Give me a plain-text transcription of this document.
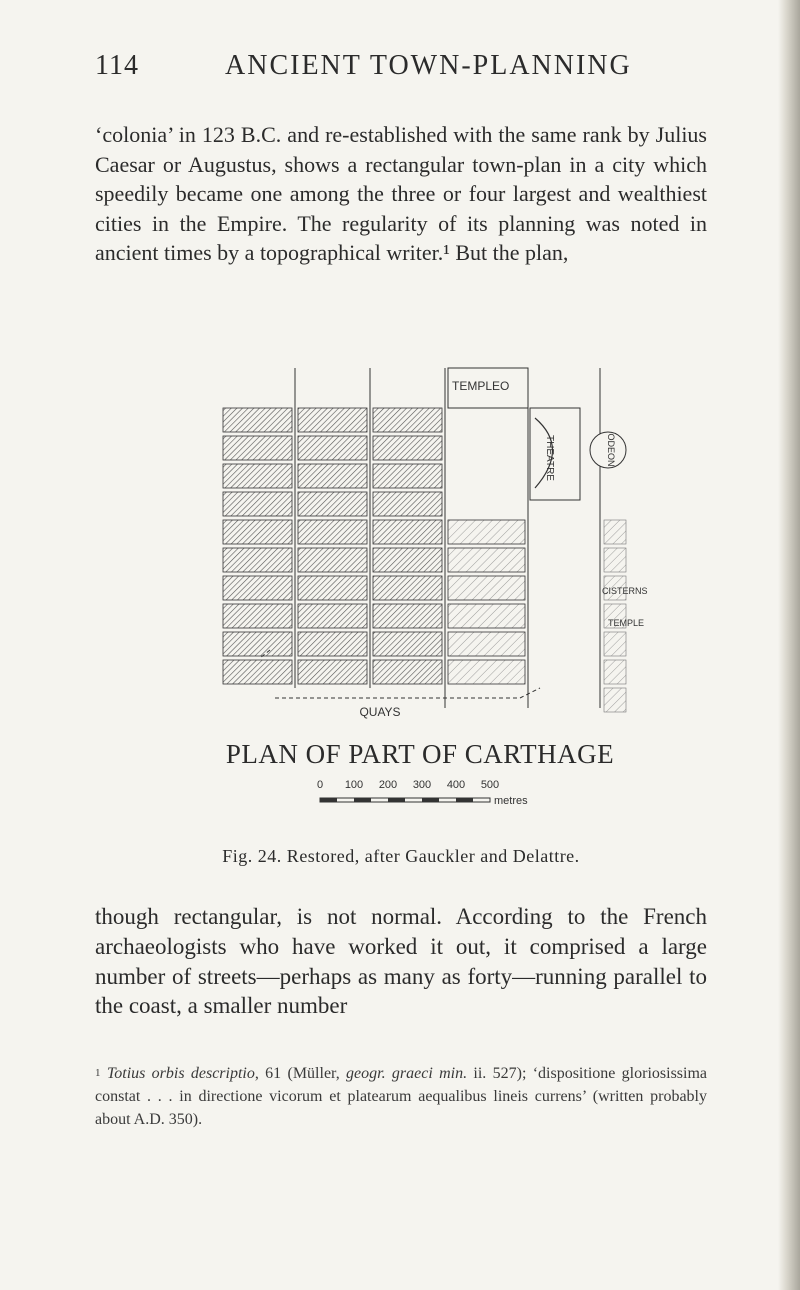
114	ANCIENT TOWN-PLANNING

‘colonia’ in 123 B.C. and re-established with the same rank by Julius Caesar or Augustus, shows a rectangular town-plan in a city which speedily became one among the three or four largest and wealthiest cities in the Empire. The regularity of its planning was noted in ancient times by a topographical writer.¹ But the plan,

THEATRE	ODEON
TEMPLEO
CISTERNS
TEMPLE
QUAYS
PLAN OF PART OF CARTHAGE
0 100 200 300 400 500
metres

Fig. 24. Restored, after Gauckler and Delattre.

though rectangular, is not normal. According to the French archaeologists who have worked it out, it comprised a large number of streets—perhaps as many as forty—running parallel to the coast, a smaller number

$^1$ Totius orbis descriptio, 61 (Müller, geogr. graeci min. ii. 527); ‘dispositione gloriosissima constat . . . in directione vicorum et platearum aequalibus lineis currens’ (written probably about A.D. 350).
